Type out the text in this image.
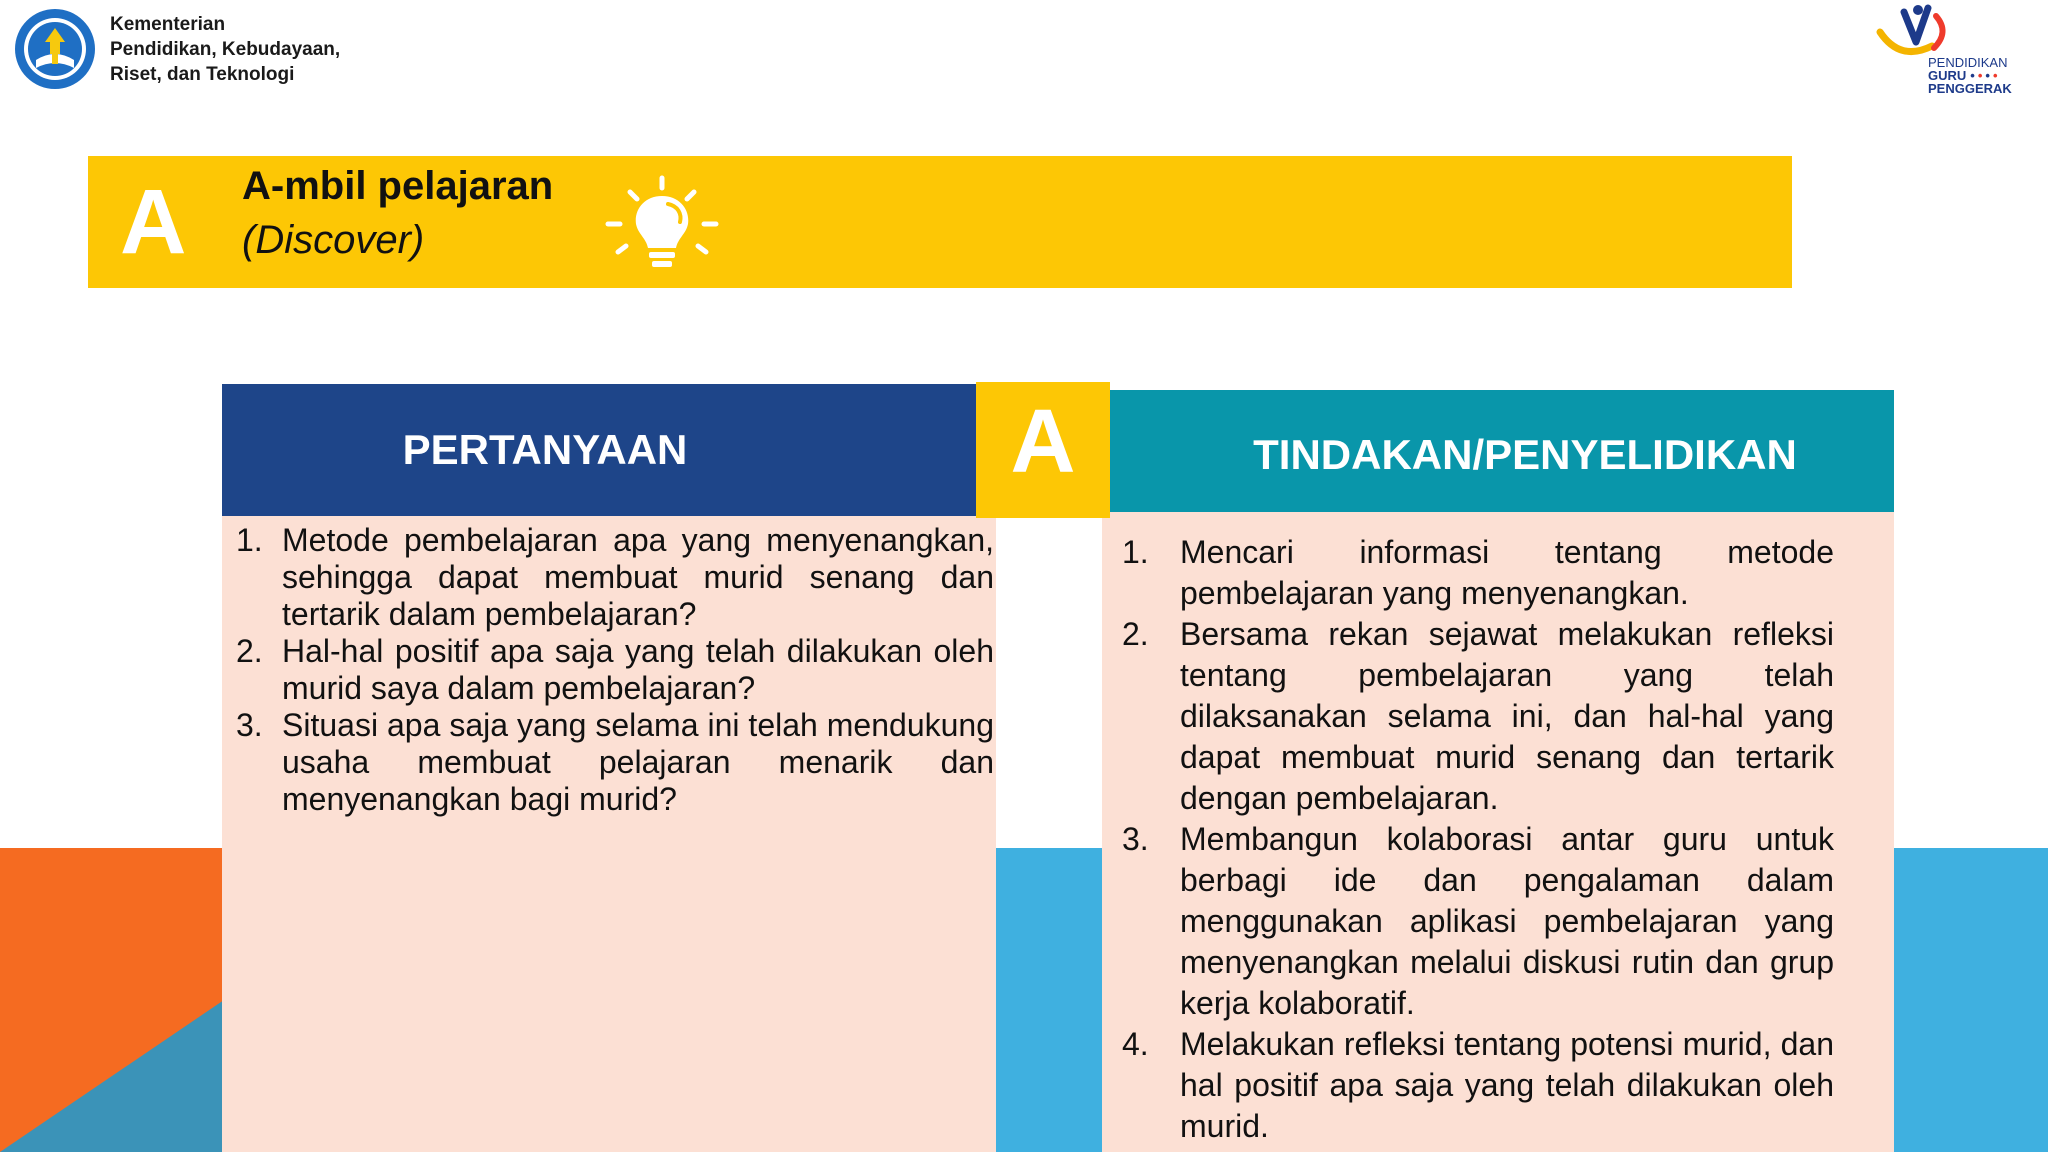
Kementerian
Pendidikan, Kebudayaan,
Riset, dan Teknologi
PENDIDIKAN
GURU ••••
PENGGERAK
A A-mbil pelajaran
(Discover)
PERTANYAAN
1. Metode pembelajaran apa yang menyenangkan, sehingga dapat membuat murid senang dan tertarik dalam pembelajaran?
2. Hal-hal positif apa saja yang telah dilakukan oleh murid saya dalam pembelajaran?
3. Situasi apa saja yang selama ini telah mendukung usaha membuat pelajaran menarik dan menyenangkan bagi murid?
TINDAKAN/PENYELIDIKAN
1. Mencari informasi tentang metode pembelajaran yang menyenangkan.
2. Bersama rekan sejawat melakukan refleksi tentang pembelajaran yang telah dilaksanakan selama ini, dan hal-hal yang dapat membuat murid senang dan tertarik dengan pembelajaran.
3. Membangun kolaborasi antar guru untuk berbagi ide dan pengalaman dalam menggunakan aplikasi pembelajaran yang menyenangkan melalui diskusi rutin dan grup kerja kolaboratif.
4. Melakukan refleksi tentang potensi murid, dan hal positif apa saja yang telah dilakukan oleh murid.
A
